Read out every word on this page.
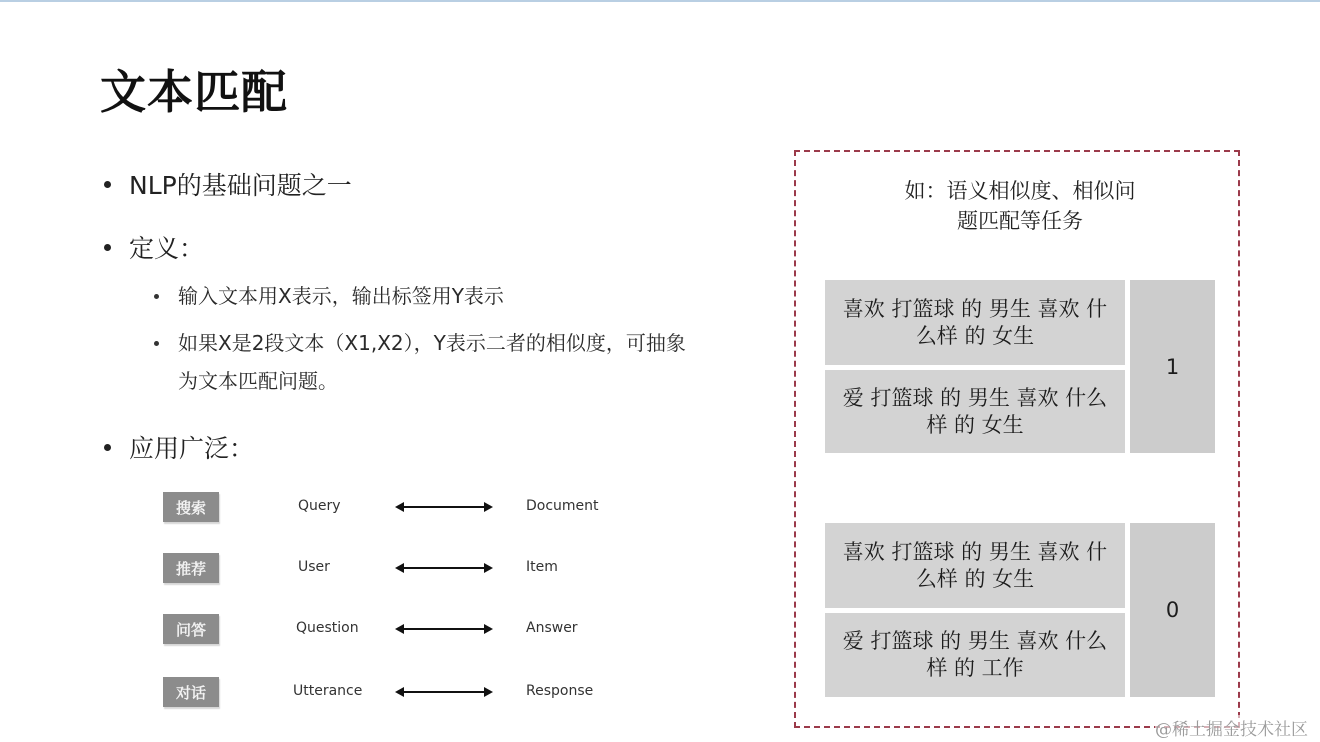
文本匹配
NLP的基础问题之一
定义：
输入文本用X表示，输出标签用Y表示
如果X是2段文本（X1,X2），Y表示二者的相似度，可抽象
为文本匹配问题。
应用广泛：
搜索	Query	Document
推荐	User	Item
问答	Question	Answer
对话	Utterance	Response
如：语义相似度、相似问
题匹配等任务
喜欢 打篮球 的 男生 喜欢 什
么样 的 女生
爱 打篮球 的 男生 喜欢 什么
样 的 女生
1
喜欢 打篮球 的 男生 喜欢 什
么样 的 女生
爱 打篮球 的 男生 喜欢 什么
样 的 工作
0
@稀土掘金技术社区
